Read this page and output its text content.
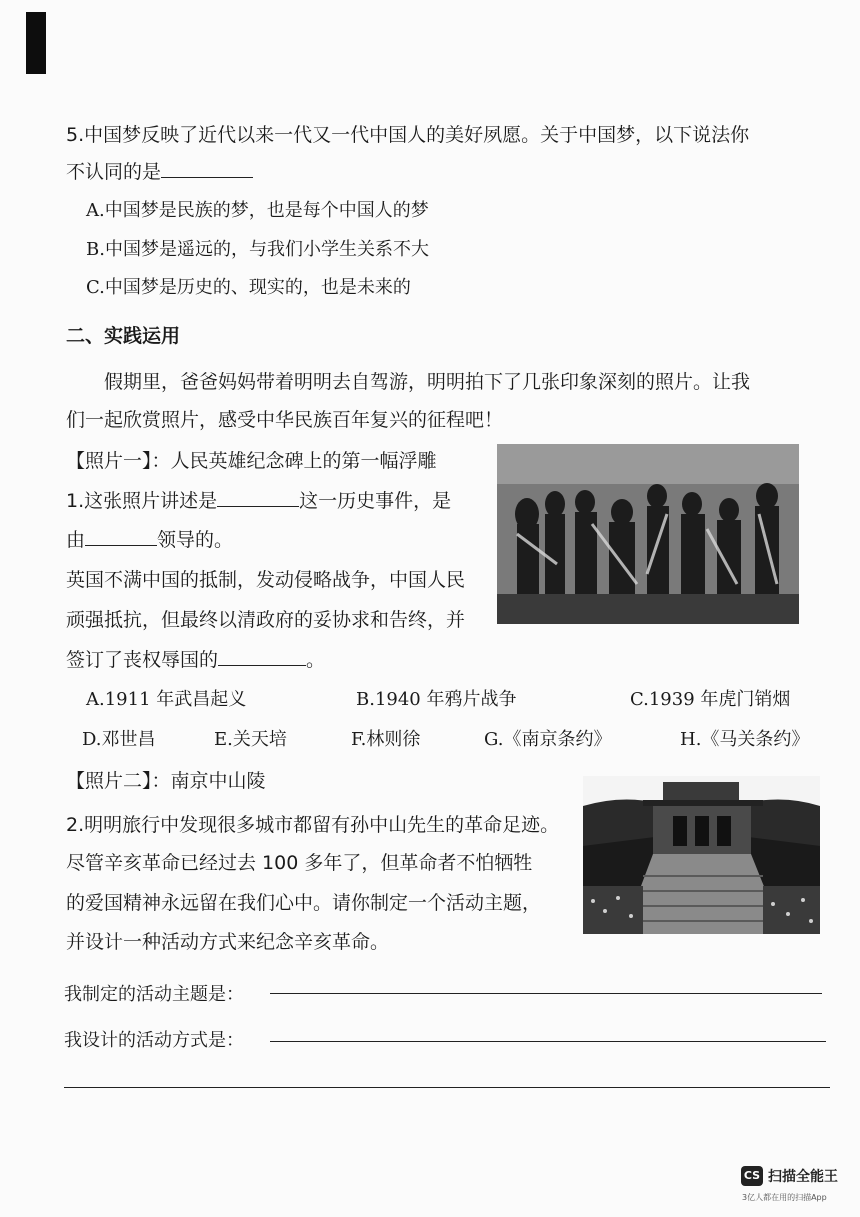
5.中国梦反映了近代以来一代又一代中国人的美好夙愿。关于中国梦，以下说法你
不认同的是
A.中国梦是民族的梦，也是每个中国人的梦
B.中国梦是遥远的，与我们小学生关系不大
C.中国梦是历史的、现实的，也是未来的
二、实践运用
假期里，爸爸妈妈带着明明去自驾游，明明拍下了几张印象深刻的照片。让我
们一起欣赏照片，感受中华民族百年复兴的征程吧！
【照片一】：人民英雄纪念碑上的第一幅浮雕
1.这张照片讲述是	这一历史事件，是
由	领导的。
英国不满中国的抵制，发动侵略战争，中国人民
顽强抵抗，但最终以清政府的妥协求和告终，并
签订了丧权辱国的	。
A.1911 年武昌起义	B.1940 年鸦片战争	C.1939 年虎门销烟
D.邓世昌	E.关天培	F.林则徐	G.《南京条约》	H.《马关条约》
【照片二】：南京中山陵
2.明明旅行中发现很多城市都留有孙中山先生的革命足迹。
尽管辛亥革命已经过去 100 多年了，但革命者不怕牺牲
的爱国精神永远留在我们心中。请你制定一个活动主题，
并设计一种活动方式来纪念辛亥革命。
我制定的活动主题是：
我设计的活动方式是：
CS 扫描全能王
3亿人都在用的扫描App
